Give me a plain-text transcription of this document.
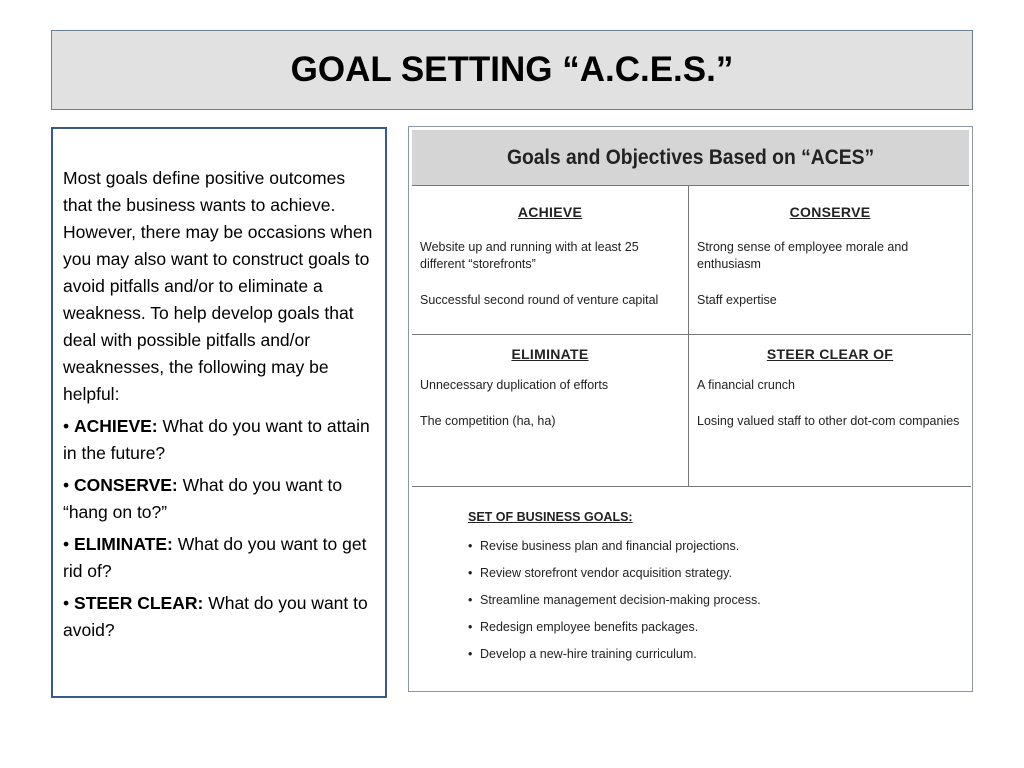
GOAL SETTING “A.C.E.S.”

Most goals define positive outcomes that the business wants to achieve. However, there may be occasions when you may also want to construct goals to avoid pitfalls and/or to eliminate a weakness. To help develop goals that deal with possible pitfalls and/or weaknesses, the following may be helpful:

• ACHIEVE: What do you want to attain in the future?
• CONSERVE: What do you want to “hang on to?”
• ELIMINATE: What do you want to get rid of?
• STEER CLEAR: What do you want to avoid?
Goals and Objectives Based on “ACES”
ACHIEVE
Website up and running with at least 25 different “storefronts”
Successful second round of venture capital
CONSERVE
Strong sense of employee morale and enthusiasm
Staff expertise
ELIMINATE
Unnecessary duplication of efforts
The competition (ha, ha)
STEER CLEAR OF
A financial crunch
Losing valued staff to other dot-com companies
SET OF BUSINESS GOALS:
• Revise business plan and financial projections.
• Review storefront vendor acquisition strategy.
• Streamline management decision-making process.
• Redesign employee benefits packages.
• Develop a new-hire training curriculum.
